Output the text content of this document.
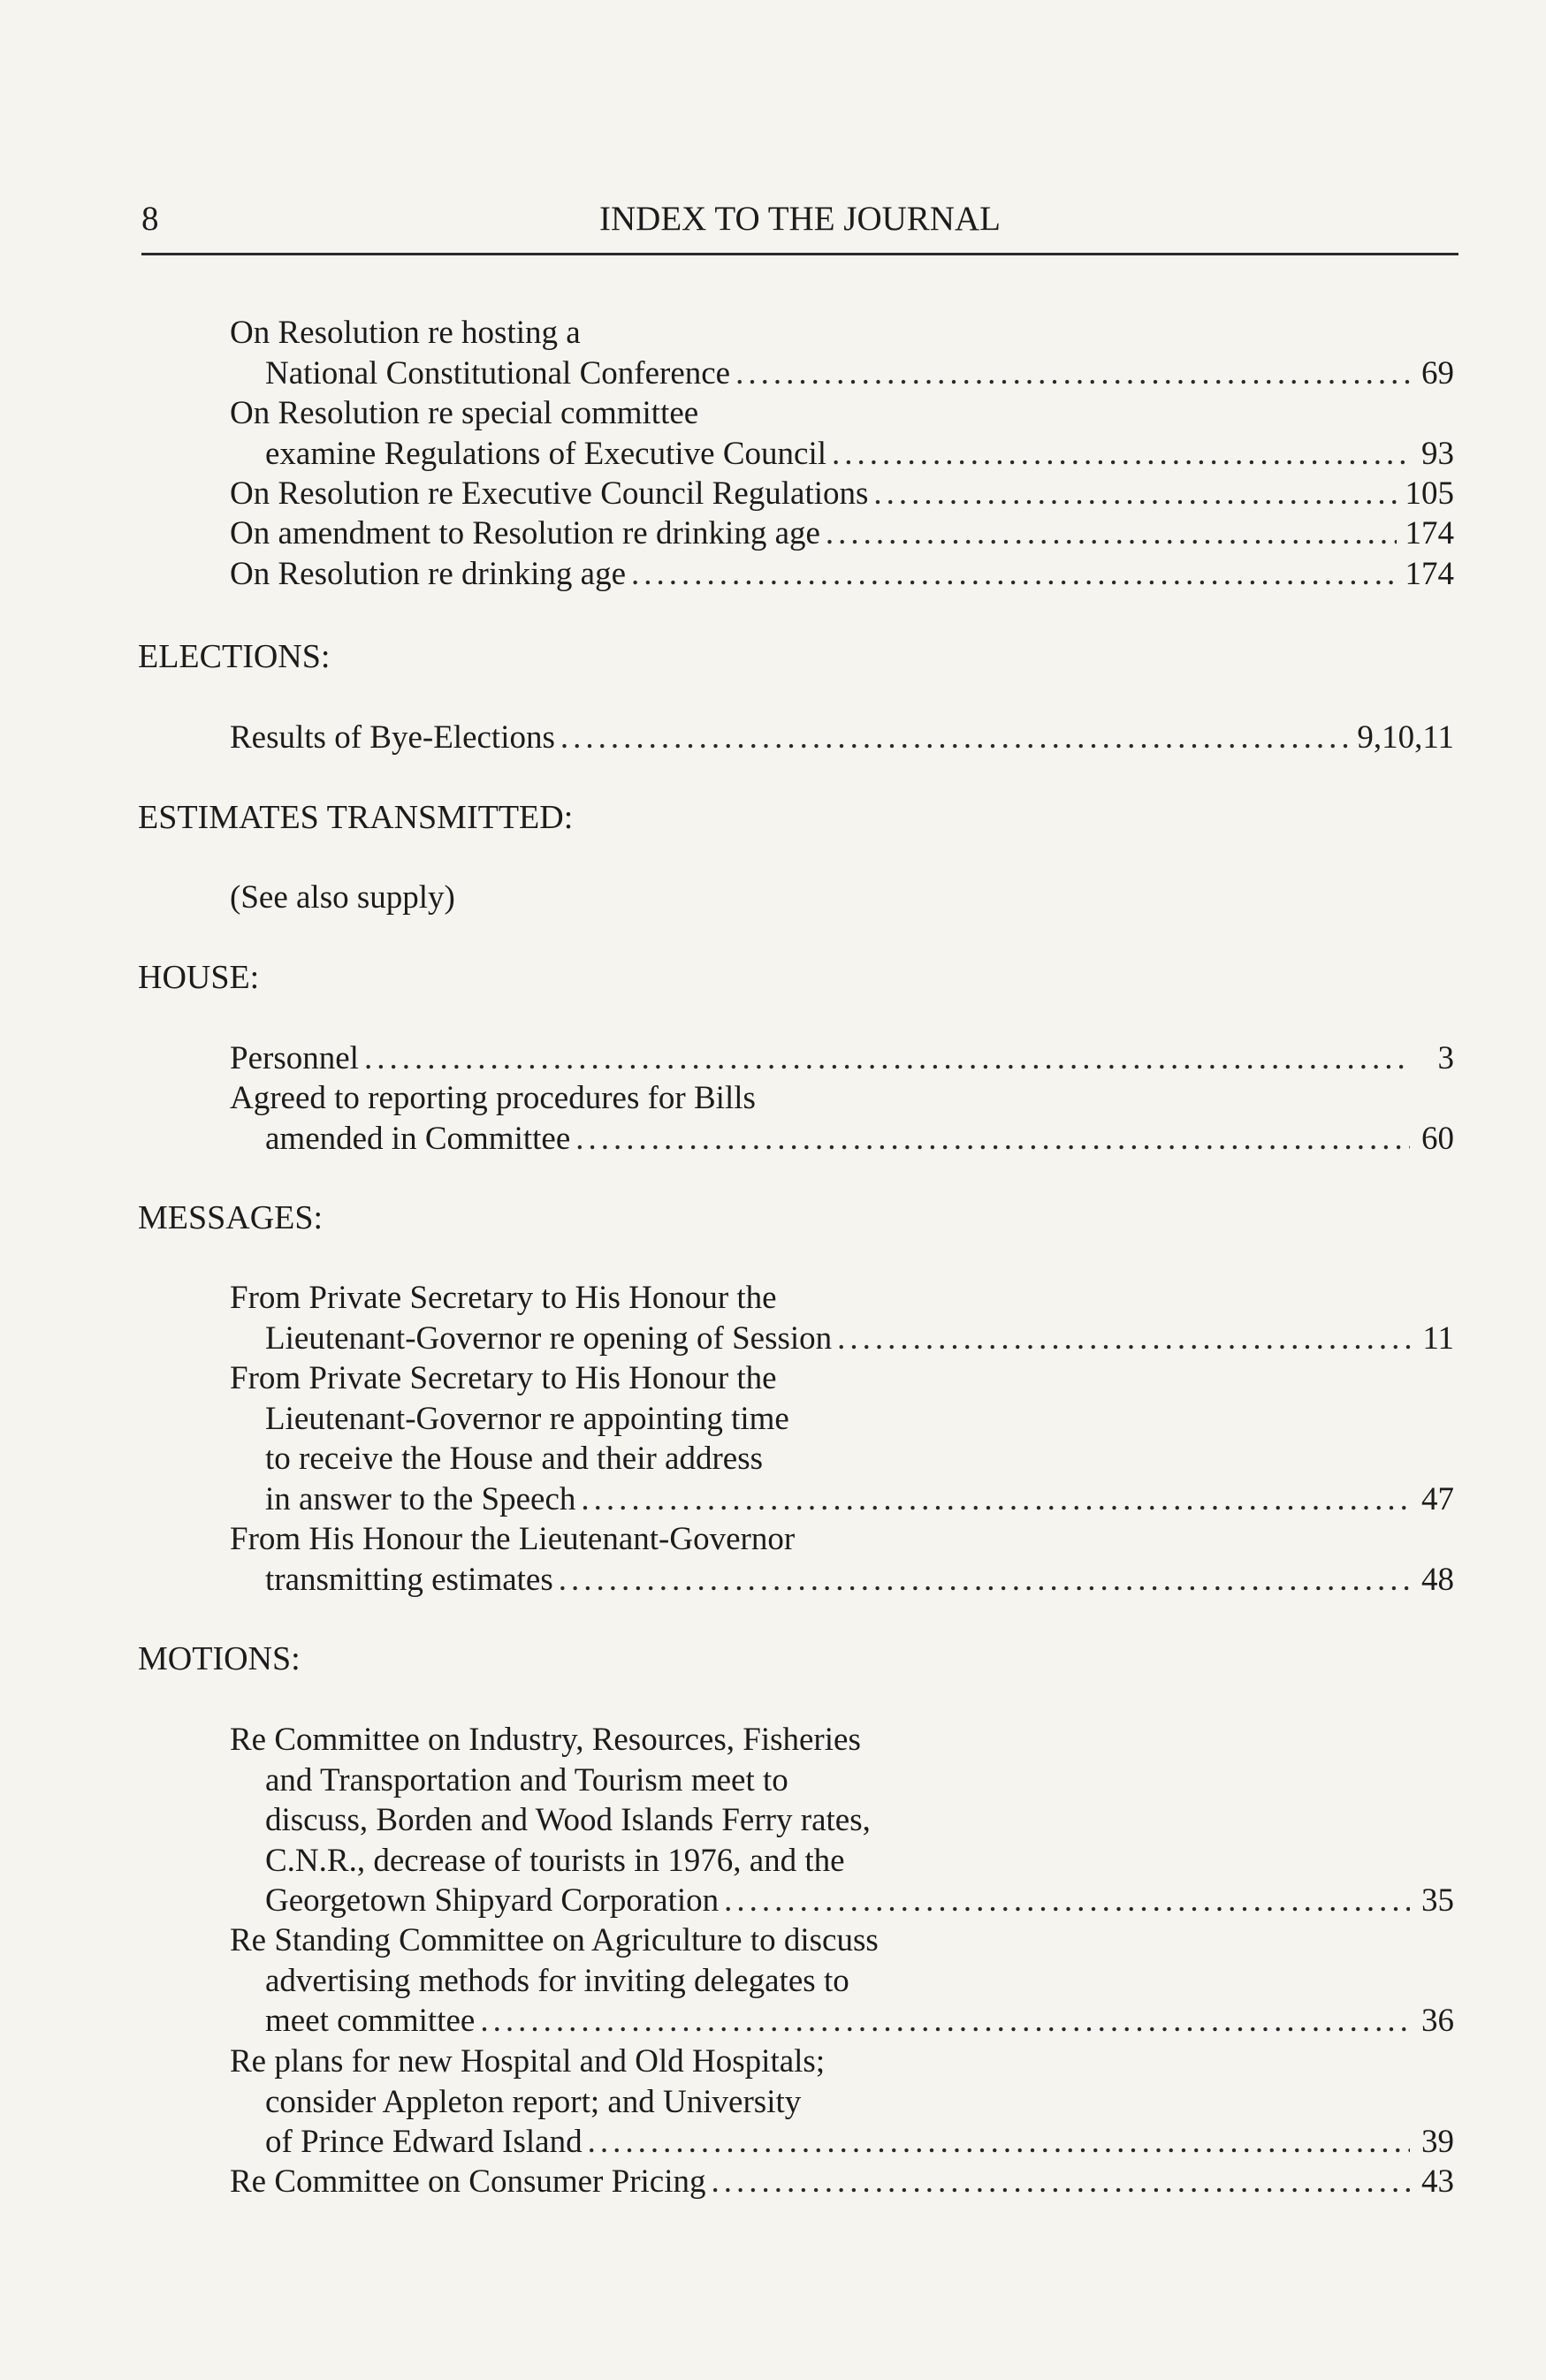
8	INDEX TO THE JOURNAL
On Resolution re hosting a
National Constitutional Conference .....	69
On Resolution re special committee
examine Regulations of Executive Council .....	93
On Resolution re Executive Council Regulations .....	105
On amendment to Resolution re drinking age .....	174
On Resolution re drinking age .....	174
ELECTIONS:
Results of Bye-Elections .....	9,10,11
ESTIMATES TRANSMITTED:
(See also supply)
HOUSE:
Personnel .....	3
Agreed to reporting procedures for Bills
amended in Committee .....	60
MESSAGES:
From Private Secretary to His Honour the
Lieutenant-Governor re opening of Session .....	11
From Private Secretary to His Honour the
Lieutenant-Governor re appointing time
to receive the House and their address
in answer to the Speech .....	47
From His Honour the Lieutenant-Governor
transmitting estimates .....	48
MOTIONS:
Re Committee on Industry, Resources, Fisheries
and Transportation and Tourism meet to
discuss, Borden and Wood Islands Ferry rates,
C.N.R., decrease of tourists in 1976, and the
Georgetown Shipyard Corporation .....	35
Re Standing Committee on Agriculture to discuss
advertising methods for inviting delegates to
meet committee .....	36
Re plans for new Hospital and Old Hospitals;
consider Appleton report; and University
of Prince Edward Island .....	39
Re Committee on Consumer Pricing .....	43
